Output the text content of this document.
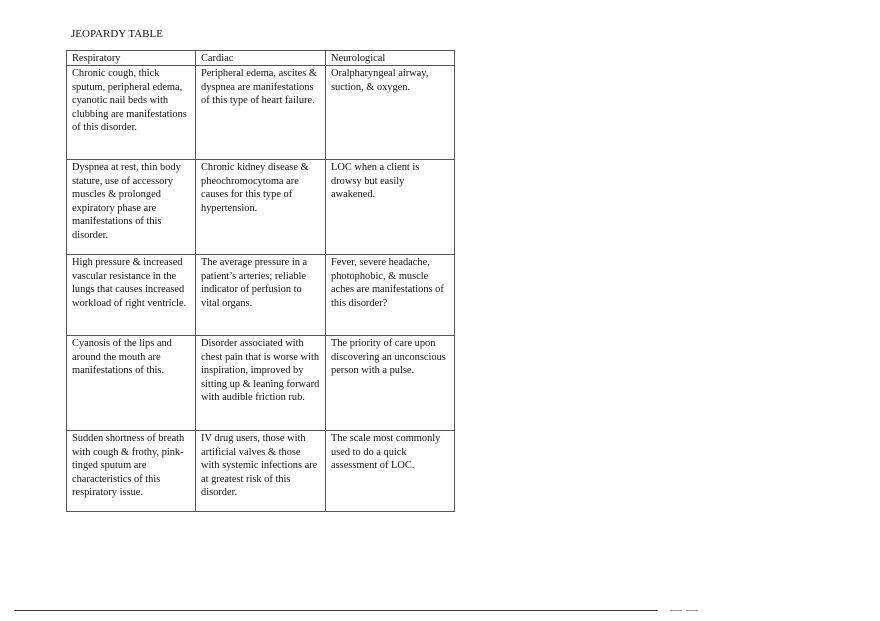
JEOPARDY TABLE
Respiratory	Cardiac	Neurological
Chronic cough, thick sputum, peripheral edema, cyanotic nail beds with clubbing are manifestations of this disorder.	Peripheral edema, ascites & dyspnea are manifestations of this type of heart failure.	Oralpharyngeal airway, suction, & oxygen.
Dyspnea at rest, thin body stature, use of accessory muscles & prolonged expiratory phase are manifestations of this disorder.	Chronic kidney disease & pheochromocytoma are causes for this type of hypertension.	LOC when a client is drowsy but easily awakened.
High pressure & increased vascular resistance in the lungs that causes increased workload of right ventricle.	The average pressure in a patient’s arteries; reliable indicator of perfusion to vital organs.	Fever, severe headache, photophobic, & muscle aches are manifestations of this disorder?
Cyanosis of the lips and around the mouth are manifestations of this.	Disorder associated with chest pain that is worse with inspiration, improved by sitting up & leaning forward with audible friction rub.	The priority of care upon discovering an unconscious person with a pulse.
Sudden shortness of breath with cough & frothy, pink-tinged sputum are characteristics of this respiratory issue.	IV drug users, those with artificial valves & those with systemic infections are at greatest risk of this disorder.	The scale most commonly used to do a quick assessment of LOC.
